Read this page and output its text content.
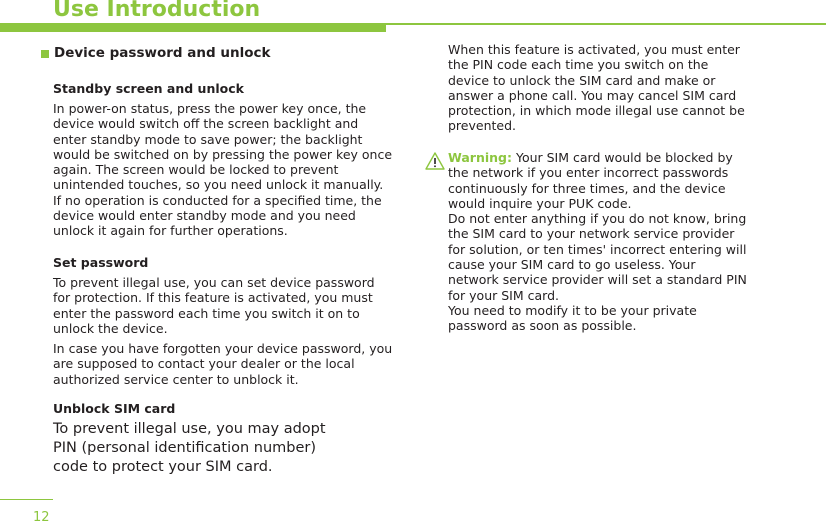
Use Introduction
Device password and unlock
Standby screen and unlock

In power-on status, press the power key once, the device would switch off the screen backlight and enter standby mode to save power; the backlight would be switched on by pressing the power key once again. The screen would be locked to prevent unintended touches, so you need unlock it manually. If no operation is conducted for a specified time, the device would enter standby mode and you need unlock it again for further operations.

Set password

To prevent illegal use, you can set device password for protection. If this feature is activated, you must enter the password each time you switch it on to unlock the device.

In case you have forgotten your device password, you are supposed to contact your dealer or the local authorized service center to unblock it.

Unblock SIM card

To prevent illegal use, you may adopt PIN (personal identification number) code to protect your SIM card.

When this feature is activated, you must enter the PIN code each time you switch on the device to unlock the SIM card and make or answer a phone call. You may cancel SIM card protection, in which mode illegal use cannot be prevented.

Warning: Your SIM card would be blocked by the network if you enter incorrect passwords continuously for three times, and the device would inquire your PUK code.
Do not enter anything if you do not know, bring the SIM card to your network service provider for solution, or ten times' incorrect entering will cause your SIM card to go useless. Your network service provider will set a standard PIN for your SIM card.
You need to modify it to be your private password as soon as possible.
12
